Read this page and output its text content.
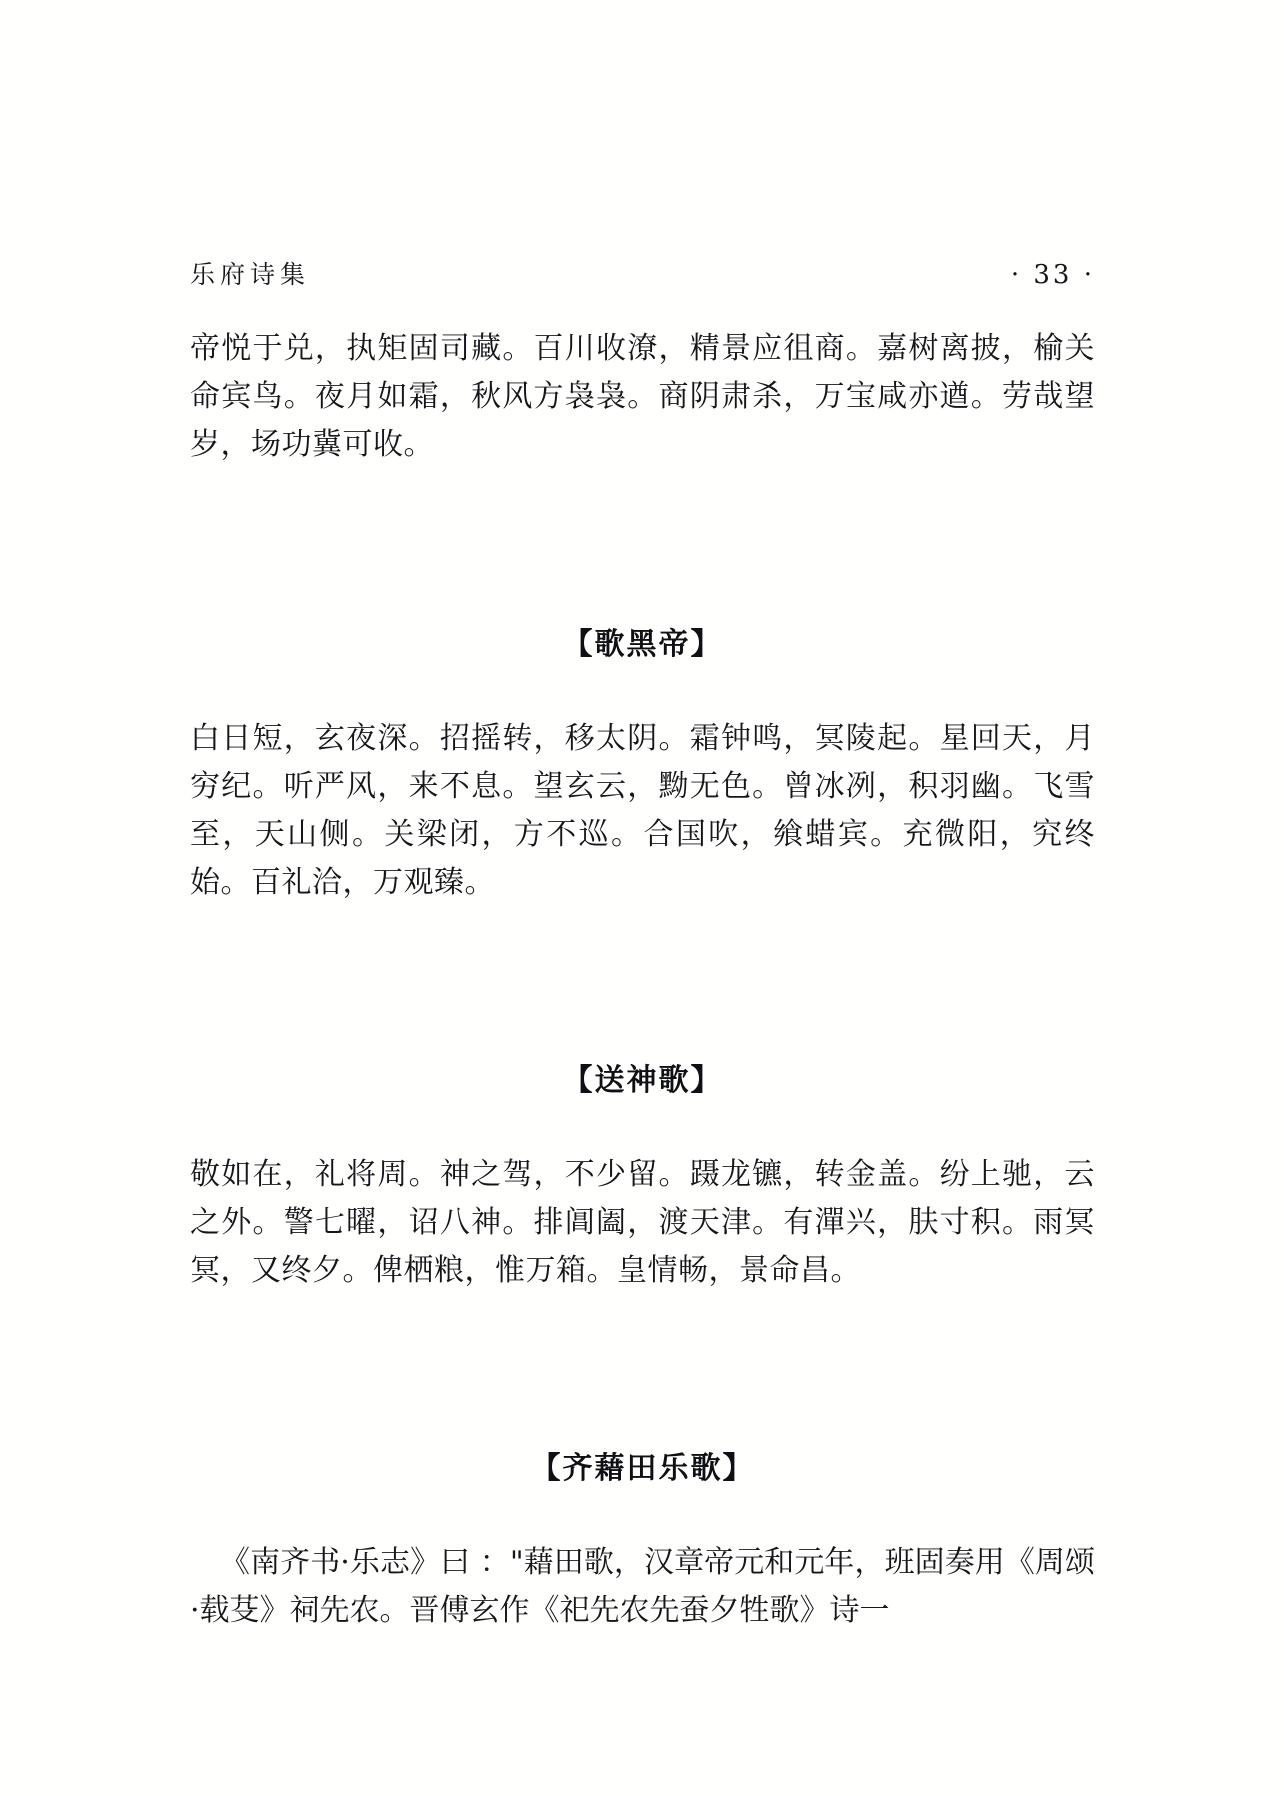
乐府诗集	· 33 ·

帝悦于兑，执矩固司藏。百川收潦，精景应徂商。嘉树离披，榆关命宾鸟。夜月如霜，秋风方袅袅。商阴肃杀，万宝咸亦遒。劳哉望岁，场功冀可收。

【歌黑帝】

白日短，玄夜深。招摇转，移太阴。霜钟鸣，冥陵起。星回天，月穷纪。听严风，来不息。望玄云，黝无色。曾冰冽，积羽幽。飞雪至，天山侧。关梁闭，方不巡。合国吹，飨蜡宾。充微阳，究终始。百礼洽，万观臻。

【送神歌】

敬如在，礼将周。神之驾，不少留。蹑龙镳，转金盖。纷上驰，云之外。警七曜，诏八神。排阊阖，渡天津。有潬兴，肤寸积。雨冥冥，又终夕。俾栖粮，惟万箱。皇情畅，景命昌。

【齐藉田乐歌】

《南齐书·乐志》曰 ："藉田歌，汉章帝元和元年，班固奏用《周颂·载芟》祠先农。晋傅玄作《祀先农先蚕夕牲歌》诗一
